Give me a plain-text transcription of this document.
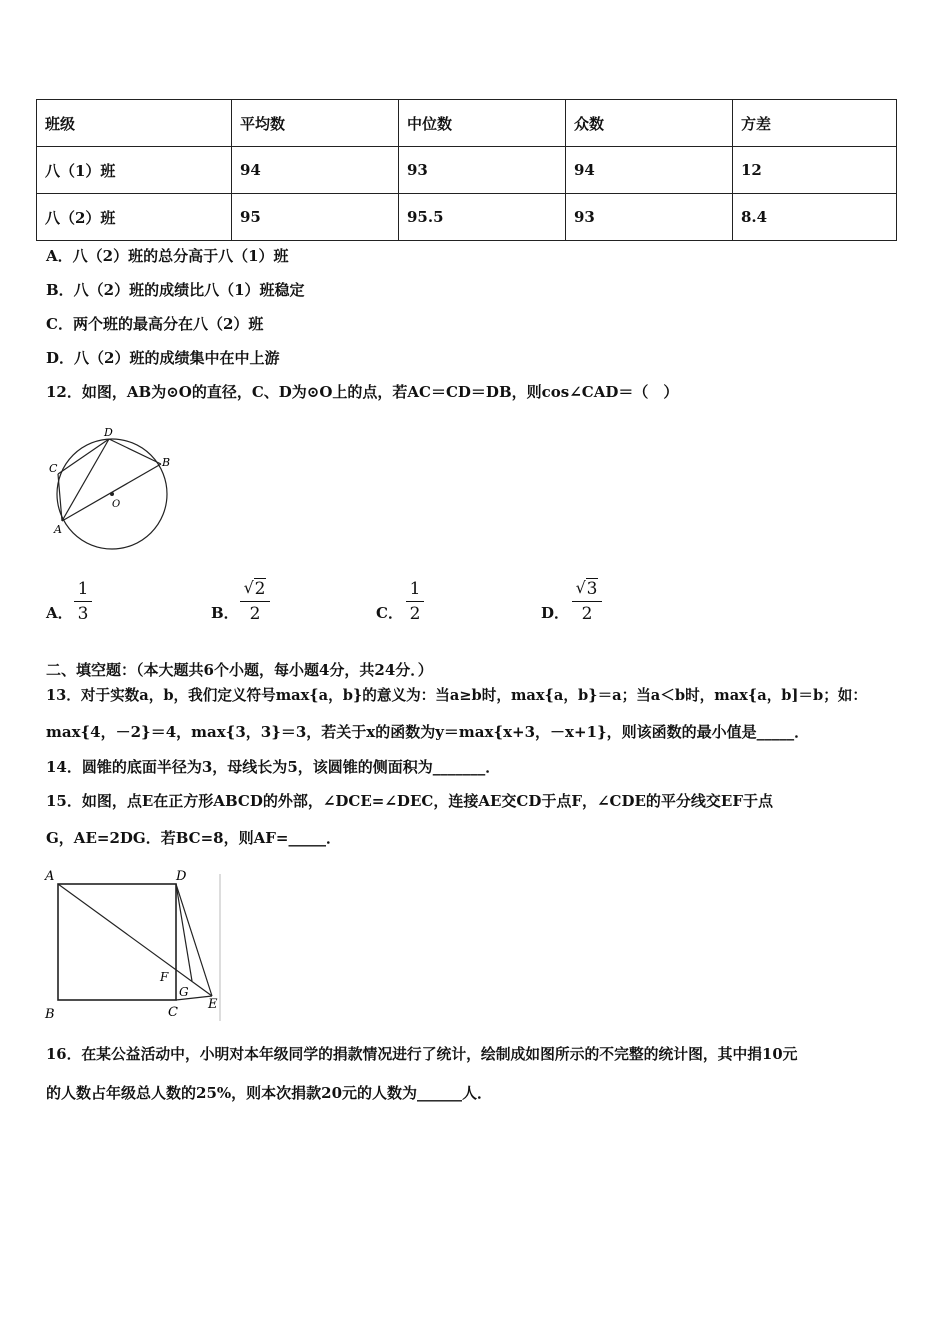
班级	平均数	中位数	众数	方差
八（1）班	94	93	94	12
八（2）班	95	95.5	93	8.4
A．八（2）班的总分高于八（1）班
B．八（2）班的成绩比八（1）班稳定
C．两个班的最高分在八（2）班
D．八（2）班的成绩集中在中上游
12．如图，AB为⊙O的直径，C、D为⊙O上的点，若AC＝CD＝DB，则cos∠CAD＝（　）
D
C	B
O
A
A．
1
3	B．
√ 2
2	C．
1
2	D．
√ 3
2
二、填空题：（本大题共6个小题，每小题4分，共24分．）
13．对于实数a，b，我们定义符号max{a，b}的意义为：当a≥b时，max{a，b}＝a；当a＜b时，max{a，b]＝b；如：
max{4，－2}＝4，max{3，3}＝3，若关于x的函数为y＝max{x+3，－x+1}，则该函数的最小值是_____．
14．圆锥的底面半径为3，母线长为5，该圆锥的侧面积为_______．
15．如图，点E在正方形ABCD的外部，∠DCE=∠DEC，连接AE交CD于点F，∠CDE的平分线交EF于点
G，AE=2DG．若BC=8，则AF=_____．
A	D
F
G
E
B	C
16．在某公益活动中，小明对本年级同学的捐款情况进行了统计，绘制成如图所示的不完整的统计图，其中捐10元
的人数占年级总人数的25%，则本次捐款20元的人数为______人．
